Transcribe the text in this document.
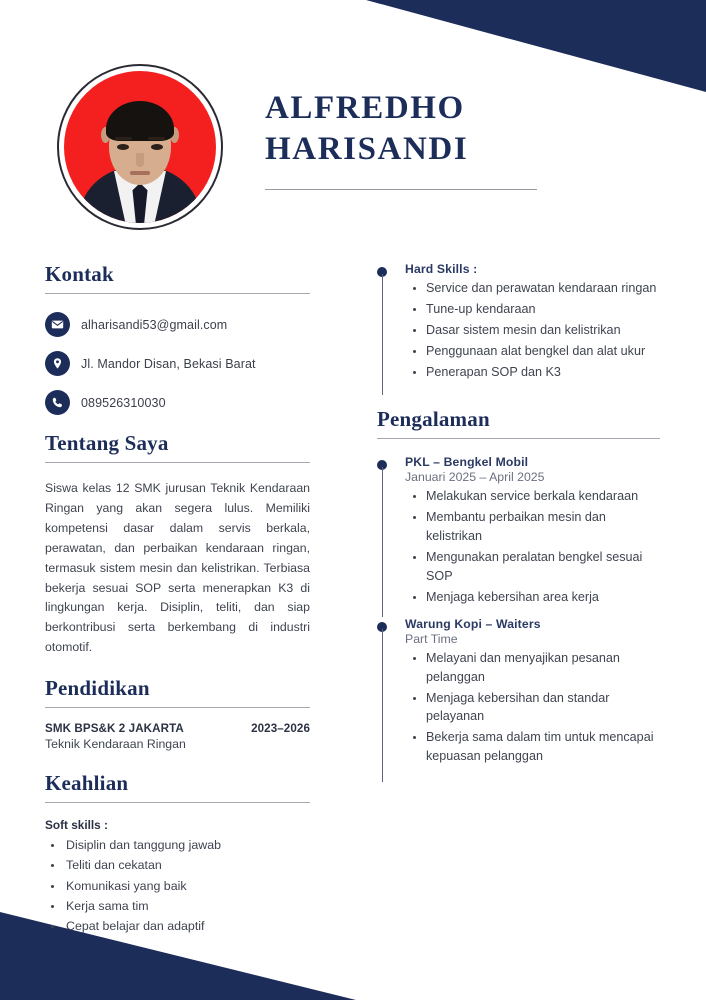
ALFREDHO
HARISANDI
Kontak
alharisandi53@gmail.com
Jl. Mandor Disan, Bekasi Barat
089526310030
Tentang Saya

Siswa kelas 12 SMK jurusan Teknik Kendaraan Ringan yang akan segera lulus. Memiliki kompetensi dasar dalam servis berkala, perawatan, dan perbaikan kendaraan ringan, termasuk sistem mesin dan kelistrikan. Terbiasa bekerja sesuai SOP serta menerapkan K3 di lingkungan kerja. Disiplin, teliti, dan siap berkontribusi serta berkembang di industri otomotif.

Pendidikan
SMK BPS&K 2 JAKARTA	2023–2026
Teknik Kendaraan Ringan
Keahlian
Soft skills :
• Disiplin dan tanggung jawab
• Teliti dan cekatan
• Komunikasi yang baik
• Kerja sama tim
• Cepat belajar dan adaptif
Hard Skills :
• Service dan perawatan kendaraan ringan
• Tune-up kendaraan
• Dasar sistem mesin dan kelistrikan
• Penggunaan alat bengkel dan alat ukur
• Penerapan SOP dan K3
Pengalaman
PKL – Bengkel Mobil
Januari 2025 – April 2025
• Melakukan service berkala kendaraan
• Membantu perbaikan mesin dan kelistrikan
• Mengunakan peralatan bengkel sesuai SOP
• Menjaga kebersihan area kerja
Warung Kopi – Waiters
Part Time
• Melayani dan menyajikan pesanan pelanggan
• Menjaga kebersihan dan standar pelayanan
• Bekerja sama dalam tim untuk mencapai kepuasan pelanggan
